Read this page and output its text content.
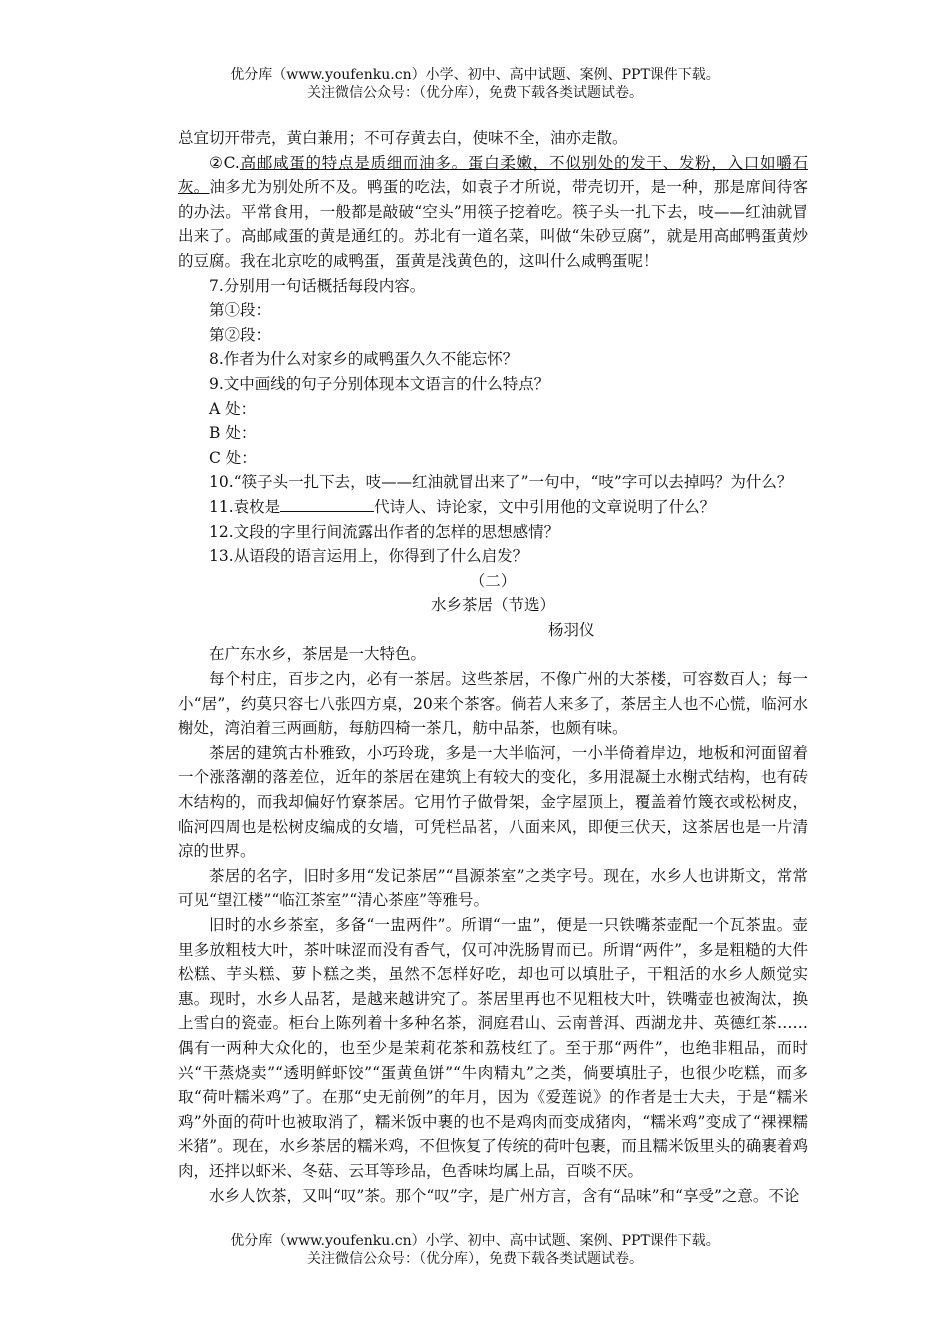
优分库（www.youfenku.cn）小学、初中、高中试题、案例、PPT课件下载。
关注微信公众号：（优分库），免费下载各类试题试卷。

总宜切开带壳，黄白兼用；不可存黄去白，使味不全，油亦走散。

②C.高邮咸蛋的特点是质细而油多。蛋白柔嫩，不似别处的发干、发粉，入口如嚼石灰。油多尤为别处所不及。鸭蛋的吃法，如袁子才所说，带壳切开，是一种，那是席间待客的办法。平常食用，一般都是敲破“空头”用筷子挖着吃。筷子头一扎下去，吱——红油就冒出来了。高邮咸蛋的黄是通红的。苏北有一道名菜，叫做“朱砂豆腐”，就是用高邮鸭蛋黄炒的豆腐。我在北京吃的咸鸭蛋，蛋黄是浅黄色的，这叫什么咸鸭蛋呢！

7.分别用一句话概括每段内容。

第①段：

第②段：

8.作者为什么对家乡的咸鸭蛋久久不能忘怀？

9.文中画线的句子分别体现本文语言的什么特点？

A 处：

B 处：

C 处：

10.“筷子头一扎下去，吱——红油就冒出来了”一句中，“吱”字可以去掉吗？为什么？

11.袁枚是	代诗人、诗论家，文中引用他的文章说明了什么？

12.文段的字里行间流露出作者的怎样的思想感情？

13.从语段的语言运用上，你得到了什么启发？

（二）

水乡茶居（节选）

杨羽仪

在广东水乡，茶居是一大特色。

每个村庄，百步之内，必有一茶居。这些茶居，不像广州的大茶楼，可容数百人；每一小“居”，约莫只容七八张四方桌，20来个茶客。倘若人来多了，茶居主人也不心慌，临河水榭处，湾泊着三两画舫，每舫四椅一茶几，舫中品茶，也颇有味。

茶居的建筑古朴雅致，小巧玲珑，多是一大半临河，一小半倚着岸边，地板和河面留着一个涨落潮的落差位，近年的茶居在建筑上有较大的变化，多用混凝土水榭式结构，也有砖木结构的，而我却偏好竹寮茶居。它用竹子做骨架，金字屋顶上，覆盖着竹篾衣或松树皮，临河四周也是松树皮编成的女墙，可凭栏品茗，八面来风，即便三伏天，这茶居也是一片清凉的世界。

茶居的名字，旧时多用“发记茶居”“昌源茶室”之类字号。现在，水乡人也讲斯文，常常可见“望江楼”“临江茶室”“清心茶座”等雅号。

旧时的水乡茶室，多备“一盅两件”。所谓“一盅”，便是一只铁嘴茶壶配一个瓦茶盅。壶里多放粗枝大叶，茶叶味涩而没有香气，仅可冲洗肠胃而已。所谓“两件”，多是粗糙的大件松糕、芋头糕、萝卜糕之类，虽然不怎样好吃，却也可以填肚子，干粗活的水乡人颇觉实惠。现时，水乡人品茗，是越来越讲究了。茶居里再也不见粗枝大叶，铁嘴壶也被淘汰，换上雪白的瓷壶。柜台上陈列着十多种名茶，洞庭君山、云南普洱、西湖龙井、英德红茶……偶有一两种大众化的，也至少是茉莉花茶和荔枝红了。至于那“两件”，也绝非粗品，而时兴“干蒸烧卖”“透明鲜虾饺”“蛋黄鱼饼”“牛肉精丸”之类，倘要填肚子，也很少吃糕，而多取“荷叶糯米鸡”了。在那“史无前例”的年月，因为《爱莲说》的作者是士大夫，于是“糯米鸡”外面的荷叶也被取消了，糯米饭中裹的也不是鸡肉而变成猪肉，“糯米鸡”变成了“裸裸糯米猪”。现在，水乡茶居的糯米鸡，不但恢复了传统的荷叶包裹，而且糯米饭里头的确裹着鸡肉，还拌以虾米、冬菇、云耳等珍品，色香味均属上品，百啖不厌。

水乡人饮茶，又叫“叹”茶。那个“叹”字，是广州方言，含有“品味”和“享受”之意。不论

优分库（www.youfenku.cn）小学、初中、高中试题、案例、PPT课件下载。
关注微信公众号：（优分库），免费下载各类试题试卷。
